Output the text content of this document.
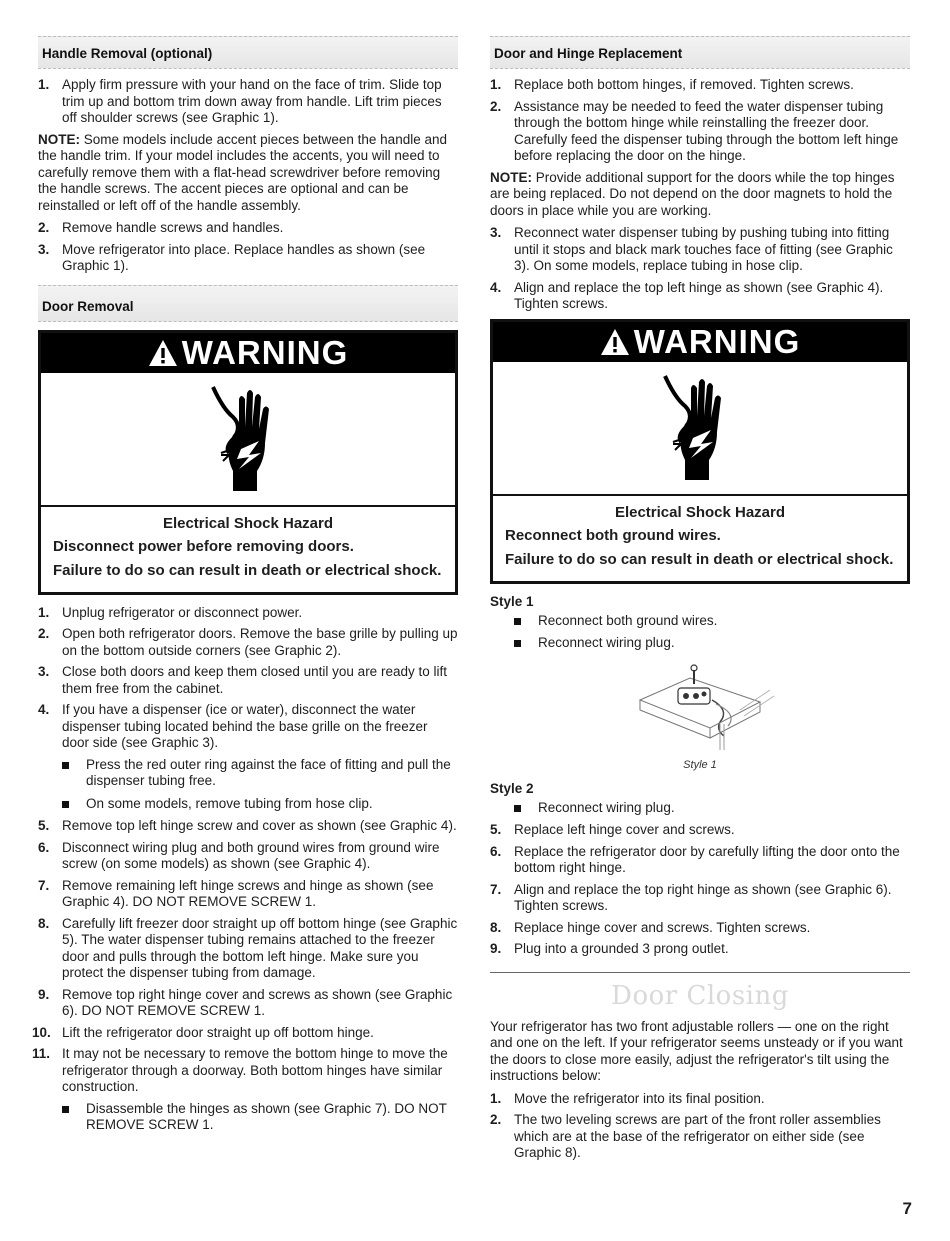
Handle Removal (optional)
1. Apply firm pressure with your hand on the face of trim. Slide top trim up and bottom trim down away from handle. Lift trim pieces off shoulder screws (see Graphic 1).

NOTE: Some models include accent pieces between the handle and the handle trim. If your model includes the accents, you will need to carefully remove them with a flat-head screwdriver before removing the handle screws. The accent pieces are optional and can be reinstalled or left off of the handle assembly.

2. Remove handle screws and handles.
3. Move refrigerator into place. Replace handles as shown (see Graphic 1).
Door Removal
WARNING
Electrical Shock Hazard
Disconnect power before removing doors.
Failure to do so can result in death or electrical shock.
1. Unplug refrigerator or disconnect power.
2. Open both refrigerator doors. Remove the base grille by pulling up on the bottom outside corners (see Graphic 2).
3. Close both doors and keep them closed until you are ready to lift them free from the cabinet.
4. If you have a dispenser (ice or water), disconnect the water dispenser tubing located behind the base grille on the freezer door side (see Graphic 3).
Press the red outer ring against the face of fitting and pull the dispenser tubing free.
On some models, remove tubing from hose clip.
5. Remove top left hinge screw and cover as shown (see Graphic 4).
6. Disconnect wiring plug and both ground wires from ground wire screw (on some models) as shown (see Graphic 4).
7. Remove remaining left hinge screws and hinge as shown (see Graphic 4). DO NOT REMOVE SCREW 1.
8. Carefully lift freezer door straight up off bottom hinge (see Graphic 5). The water dispenser tubing remains attached to the freezer door and pulls through the bottom left hinge. Make sure you protect the dispenser tubing from damage.
9. Remove top right hinge cover and screws as shown (see Graphic 6). DO NOT REMOVE SCREW 1.
10. Lift the refrigerator door straight up off bottom hinge.
11. It may not be necessary to remove the bottom hinge to move the refrigerator through a doorway. Both bottom hinges have similar construction.
Disassemble the hinges as shown (see Graphic 7). DO NOT REMOVE SCREW 1.
Door and Hinge Replacement
1. Replace both bottom hinges, if removed. Tighten screws.
2. Assistance may be needed to feed the water dispenser tubing through the bottom hinge while reinstalling the freezer door. Carefully feed the dispenser tubing through the bottom left hinge before replacing the door on the hinge.

NOTE: Provide additional support for the doors while the top hinges are being replaced. Do not depend on the door magnets to hold the doors in place while you are working.

3. Reconnect water dispenser tubing by pushing tubing into fitting until it stops and black mark touches face of fitting (see Graphic 3). On some models, replace tubing in hose clip.
4. Align and replace the top left hinge as shown (see Graphic 4). Tighten screws.
WARNING
Electrical Shock Hazard
Reconnect both ground wires.
Failure to do so can result in death or electrical shock.
Style 1
Reconnect both ground wires.
Reconnect wiring plug.
Style 1
Style 2
Reconnect wiring plug.
5. Replace left hinge cover and screws.
6. Replace the refrigerator door by carefully lifting the door onto the bottom right hinge.
7. Align and replace the top right hinge as shown (see Graphic 6). Tighten screws.
8. Replace hinge cover and screws. Tighten screws.
9. Plug into a grounded 3 prong outlet.
Door Closing

Your refrigerator has two front adjustable rollers — one on the right and one on the left. If your refrigerator seems unsteady or if you want the doors to close more easily, adjust the refrigerator's tilt using the instructions below:

1. Move the refrigerator into its final position.
2. The two leveling screws are part of the front roller assemblies which are at the base of the refrigerator on either side (see Graphic 8).
7
